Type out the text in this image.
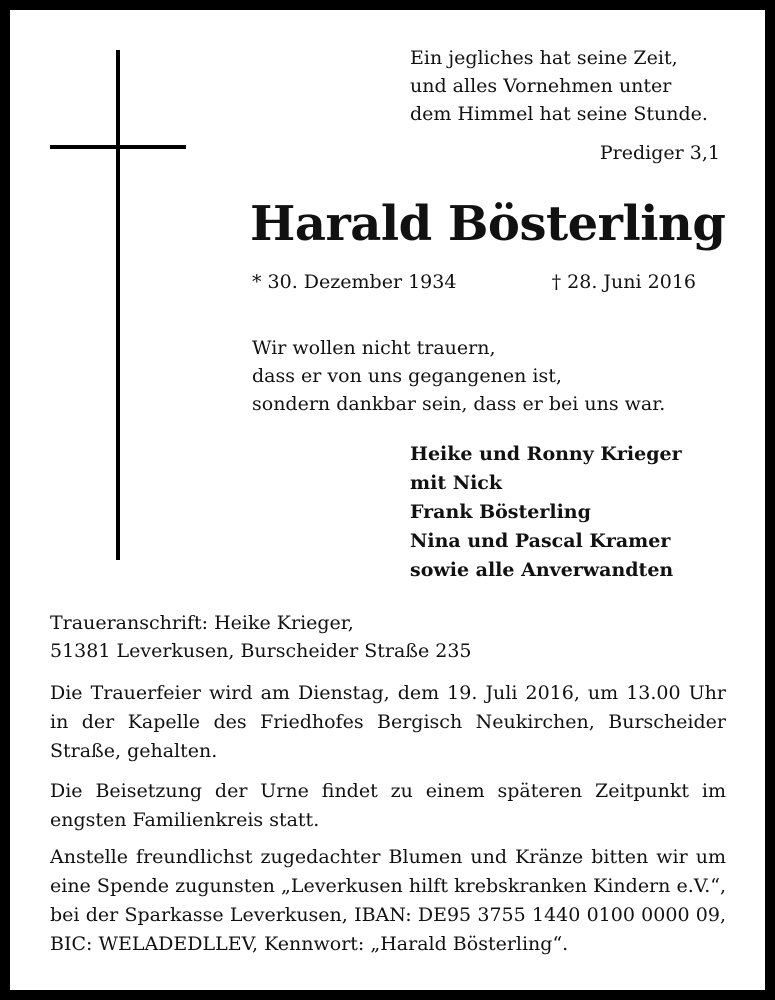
Ein jegliches hat seine Zeit,
und alles Vornehmen unter
dem Himmel hat seine Stunde.
Prediger 3,1
Harald Bösterling
* 30. Dezember 1934	† 28. Juni 2016
Wir wollen nicht trauern,
dass er von uns gegangenen ist,
sondern dankbar sein, dass er bei uns war.
Heike und Ronny Krieger
mit Nick
Frank Bösterling
Nina und Pascal Kramer
sowie alle Anverwandten
Traueranschrift: Heike Krieger,
51381 Leverkusen, Burscheider Straße 235
Die Trauerfeier wird am Dienstag, dem 19. Juli 2016, um 13.00 Uhr in der Kapelle des Friedhofes Bergisch Neukirchen, Burscheider Straße, gehalten.
Die Beisetzung der Urne findet zu einem späteren Zeitpunkt im engsten Familienkreis statt.
Anstelle freundlichst zugedachter Blumen und Kränze bitten wir um eine Spende zugunsten „Leverkusen hilft krebskranken Kindern e.V.“, bei der Sparkasse Leverkusen, IBAN: DE95 3755 1440 0100 0000 09, BIC: WELADEDLLEV, Kennwort: „Harald Bösterling“.
